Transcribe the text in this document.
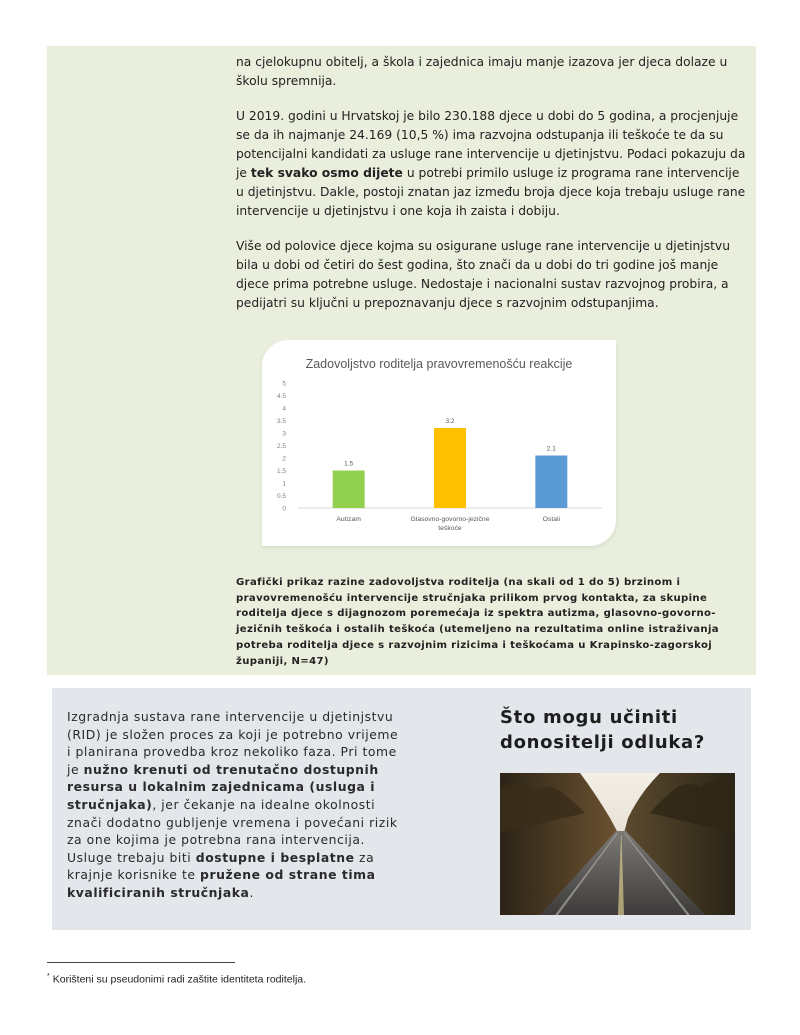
na cjelokupnu obitelj, a škola i zajednica imaju manje izazova jer djeca dolaze u školu spremnija.

U 2019. godini u Hrvatskoj je bilo 230.188 djece u dobi do 5 godina, a procjenjuje se da ih najmanje 24.169 (10,5 %) ima razvojna odstupanja ili teškoće te da su potencijalni kandidati za usluge rane intervencije u djetinjstvu. Podaci pokazuju da je tek svako osmo dijete u potrebi primilo usluge iz programa rane intervencije u djetinjstvu. Dakle, postoji znatan jaz između broja djece koja trebaju usluge rane intervencije u djetinjstvu i one koja ih zaista i dobiju.

Više od polovice djece kojma su osigurane usluge rane intervencije u djetinjstvu bila u dobi od četiri do šest godina, što znači da u dobi do tri godine još manje djece prima potrebne usluge. Nedostaje i nacionalni sustav razvojnog probira, a pedijatri su ključni u prepoznavanju djece s razvojnim odstupanjima.

Zadovoljstvo roditelja pravovremenošću reakcije
0
0.5
1
1.5
2
2.5
3
3.5
4
4.5
5
1.5
Autizam
3.2
Glasovno-govorno-jezične
teškoće
2.1
Ostali

Grafički prikaz razine zadovoljstva roditelja (na skali od 1 do 5) brzinom i pravovremenošću intervencije stručnjaka prilikom prvog kontakta, za skupine roditelja djece s dijagnozom poremećaja iz spektra autizma, glasovno-govorno-jezičnih teškoća i ostalih teškoća (utemeljeno na rezultatima online istraživanja potreba roditelja djece s razvojnim rizicima i teškoćama u Krapinsko-zagorskoj županiji, N=47)

Izgradnja sustava rane intervencije u djetinjstvu (RID) je složen proces za koji je potrebno vrijeme i planirana provedba kroz nekoliko faza. Pri tome je nužno krenuti od trenutačno dostupnih resursa u lokalnim zajednicama (usluga i stručnjaka), jer čekanje na idealne okolnosti znači dodatno gubljenje vremena i povećani rizik za one kojima je potrebna rana intervencija. Usluge trebaju biti dostupne i besplatne za krajnje korisnike te pružene od strane tima kvalificiranih stručnjaka.

Što mogu učiniti donositelji odluka?

* Korišteni su pseudonimi radi zaštite identiteta roditelja.
